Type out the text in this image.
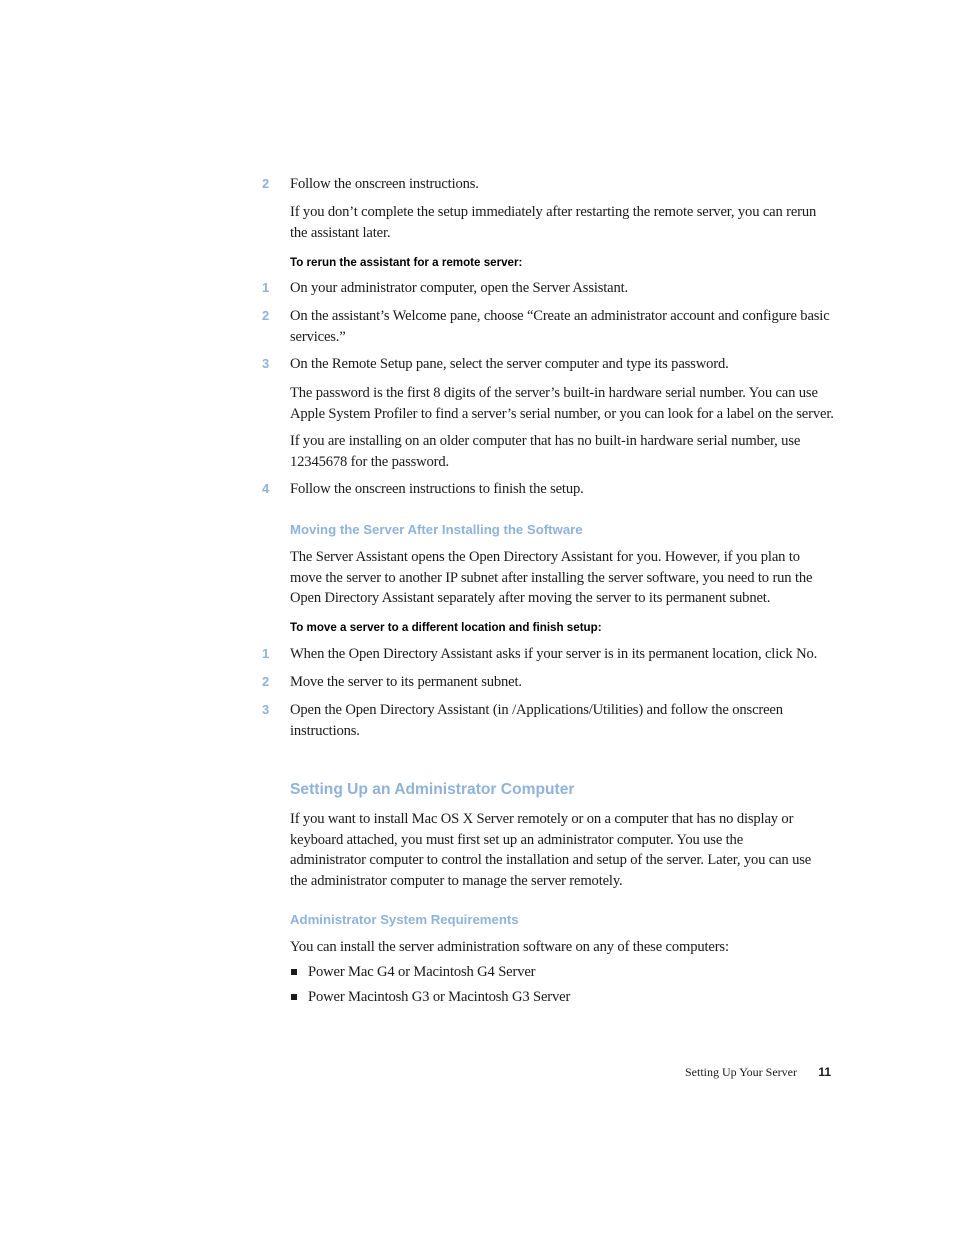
2	Follow the onscreen instructions.
If you don’t complete the setup immediately after restarting the remote server, you can rerun the assistant later.
To rerun the assistant for a remote server:
1	On your administrator computer, open the Server Assistant.
2	On the assistant’s Welcome pane, choose “Create an administrator account and configure basic services.”
3	On the Remote Setup pane, select the server computer and type its password.
The password is the first 8 digits of the server’s built-in hardware serial number. You can use Apple System Profiler to find a server’s serial number, or you can look for a label on the server.
If you are installing on an older computer that has no built-in hardware serial number, use 12345678 for the password.
4	Follow the onscreen instructions to finish the setup.
Moving the Server After Installing the Software
The Server Assistant opens the Open Directory Assistant for you. However, if you plan to move the server to another IP subnet after installing the server software, you need to run the Open Directory Assistant separately after moving the server to its permanent subnet.
To move a server to a different location and finish setup:
1	When the Open Directory Assistant asks if your server is in its permanent location, click No.
2	Move the server to its permanent subnet.
3	Open the Open Directory Assistant (in /Applications/Utilities) and follow the onscreen instructions.
Setting Up an Administrator Computer
If you want to install Mac OS X Server remotely or on a computer that has no display or keyboard attached, you must first set up an administrator computer. You use the administrator computer to control the installation and setup of the server. Later, you can use the administrator computer to manage the server remotely.
Administrator System Requirements
You can install the server administration software on any of these computers:
Power Mac G4 or Macintosh G4 Server
Power Macintosh G3 or Macintosh G3 Server
Setting Up Your Server	11
